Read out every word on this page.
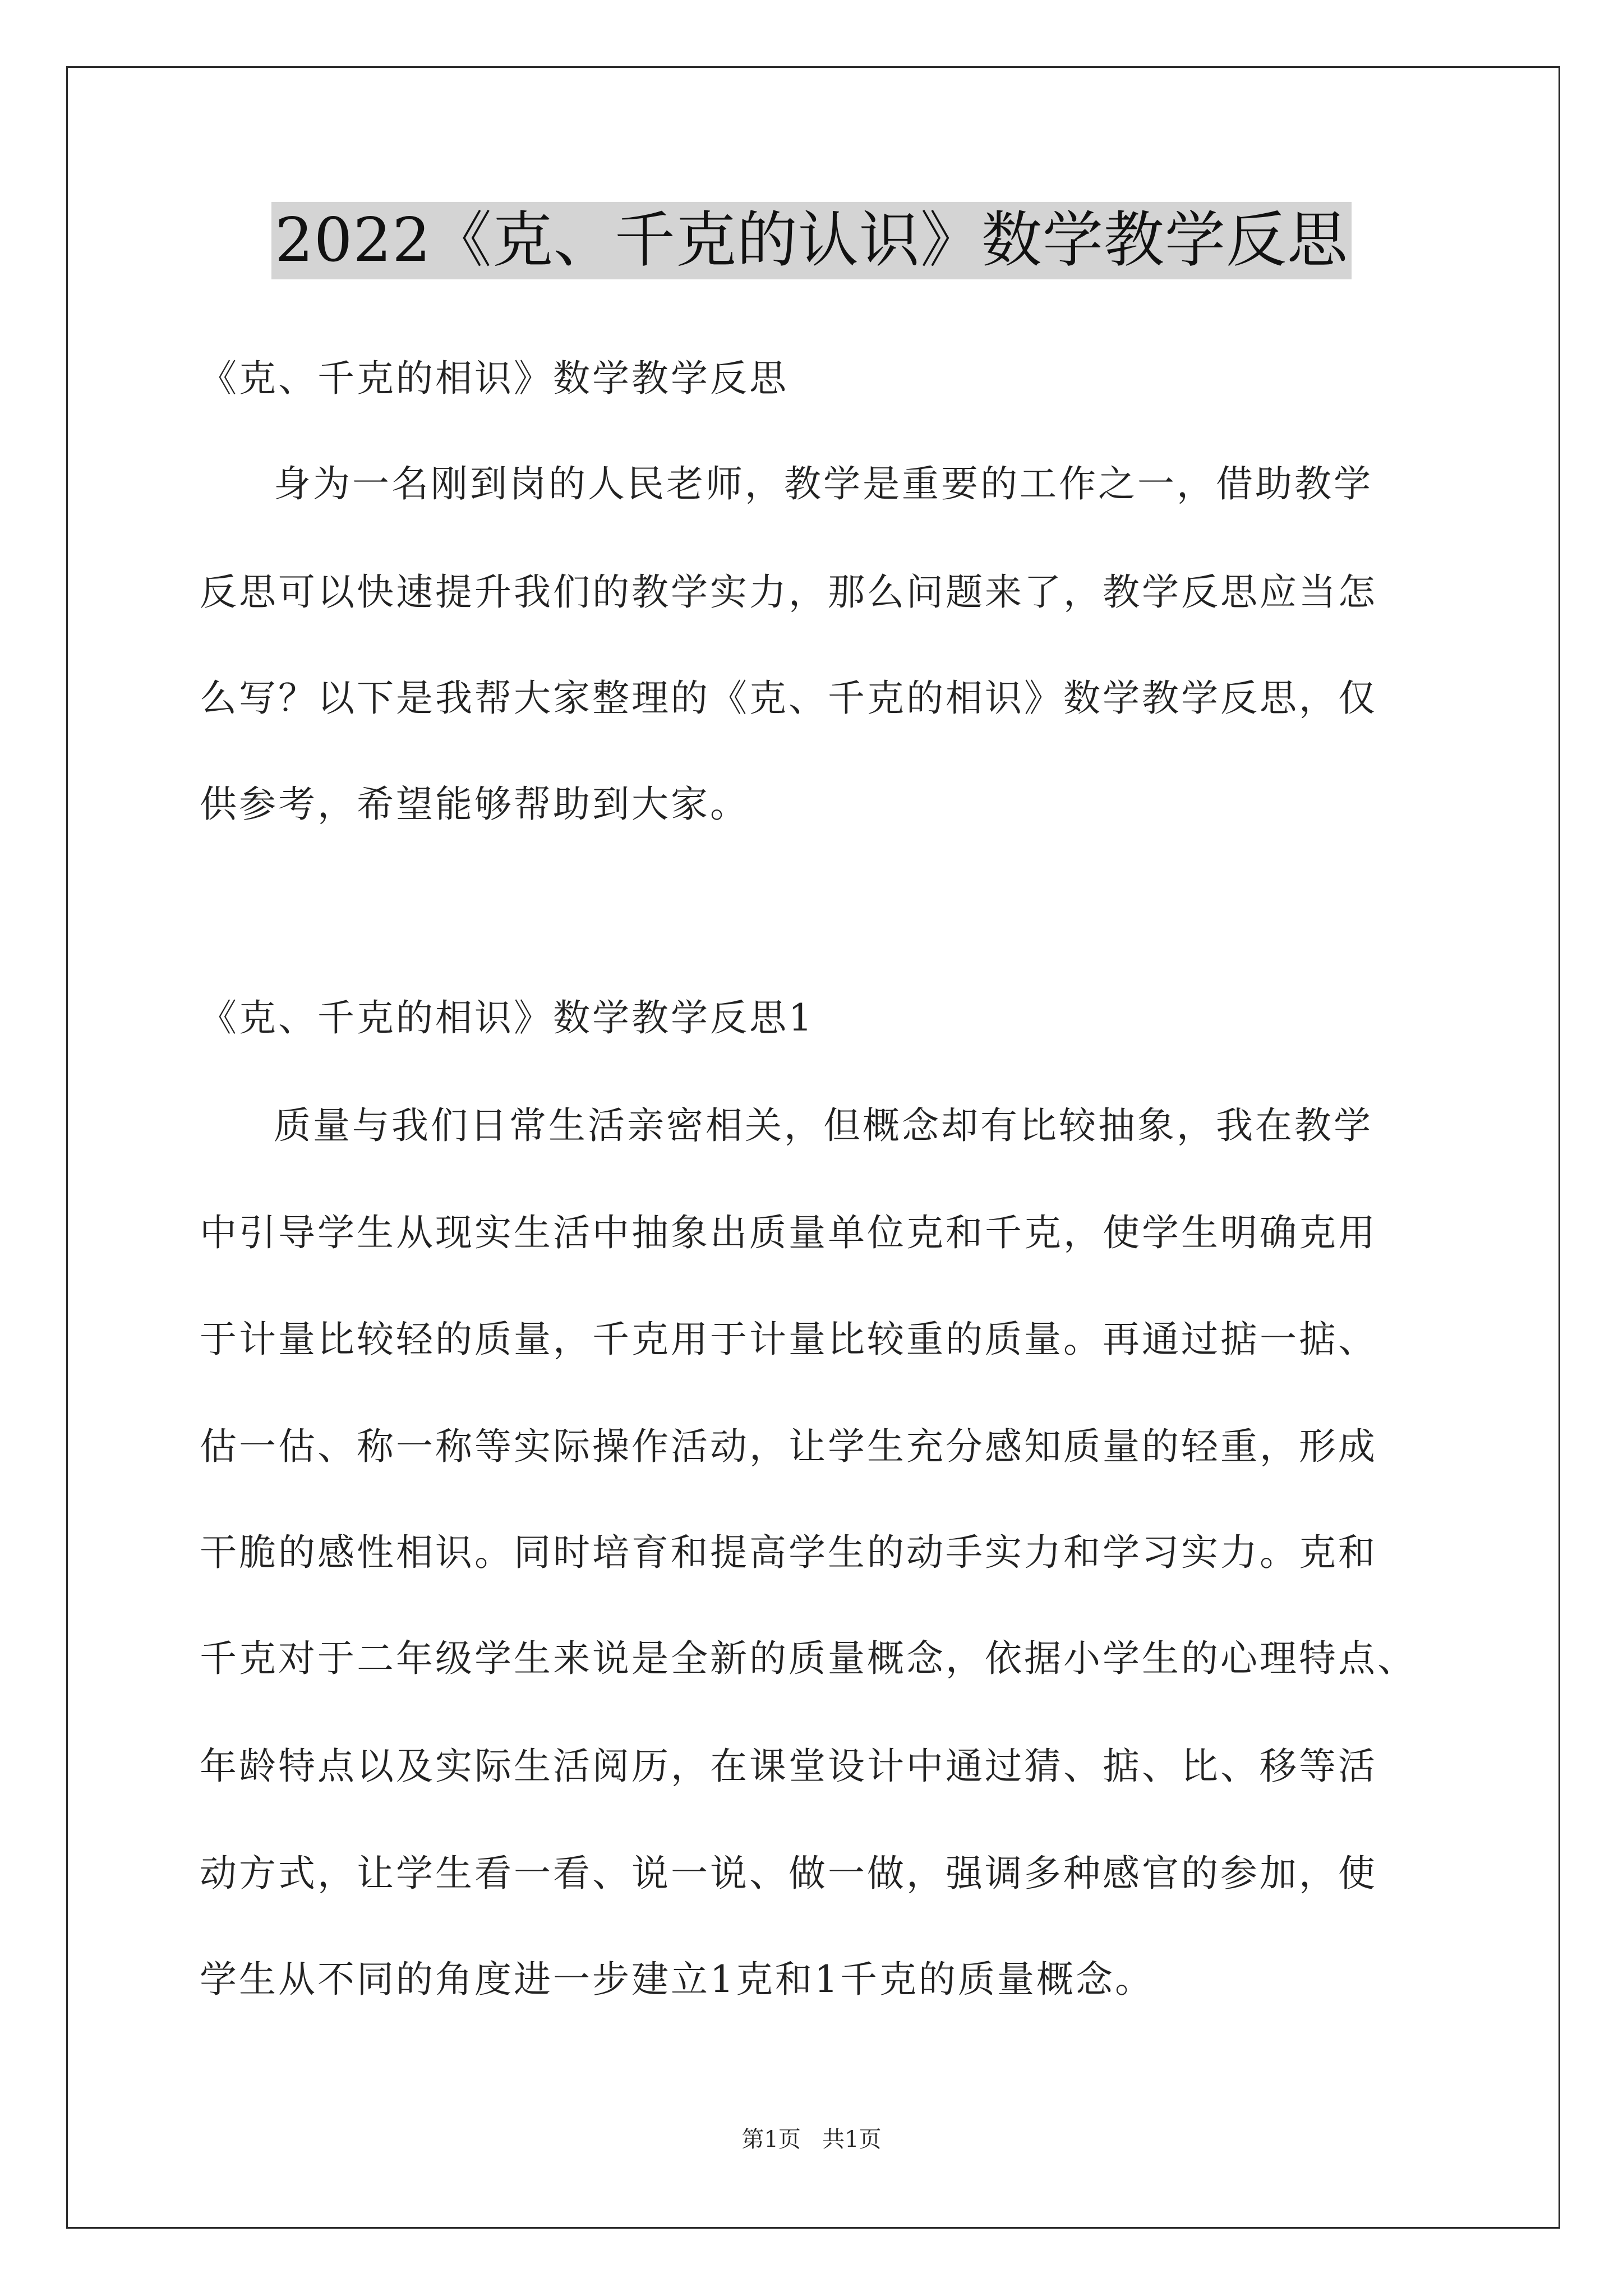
2022《克、千克的认识》数学教学反思
《克、千克的相识》数学教学反思
身为一名刚到岗的人民老师，教学是重要的工作之一，借助教学
反思可以快速提升我们的教学实力，那么问题来了，教学反思应当怎
么写？以下是我帮大家整理的《克、千克的相识》数学教学反思，仅
供参考，希望能够帮助到大家。
《克、千克的相识》数学教学反思1
质量与我们日常生活亲密相关，但概念却有比较抽象，我在教学
中引导学生从现实生活中抽象出质量单位克和千克，使学生明确克用
于计量比较轻的质量，千克用于计量比较重的质量。再通过掂一掂、
估一估、称一称等实际操作活动，让学生充分感知质量的轻重，形成
干脆的感性相识。同时培育和提高学生的动手实力和学习实力。克和
千克对于二年级学生来说是全新的质量概念，依据小学生的心理特点、
年龄特点以及实际生活阅历，在课堂设计中通过猜、掂、比、移等活
动方式，让学生看一看、说一说、做一做，强调多种感官的参加，使
学生从不同的角度进一步建立1克和1千克的质量概念。
第1页 共1页
